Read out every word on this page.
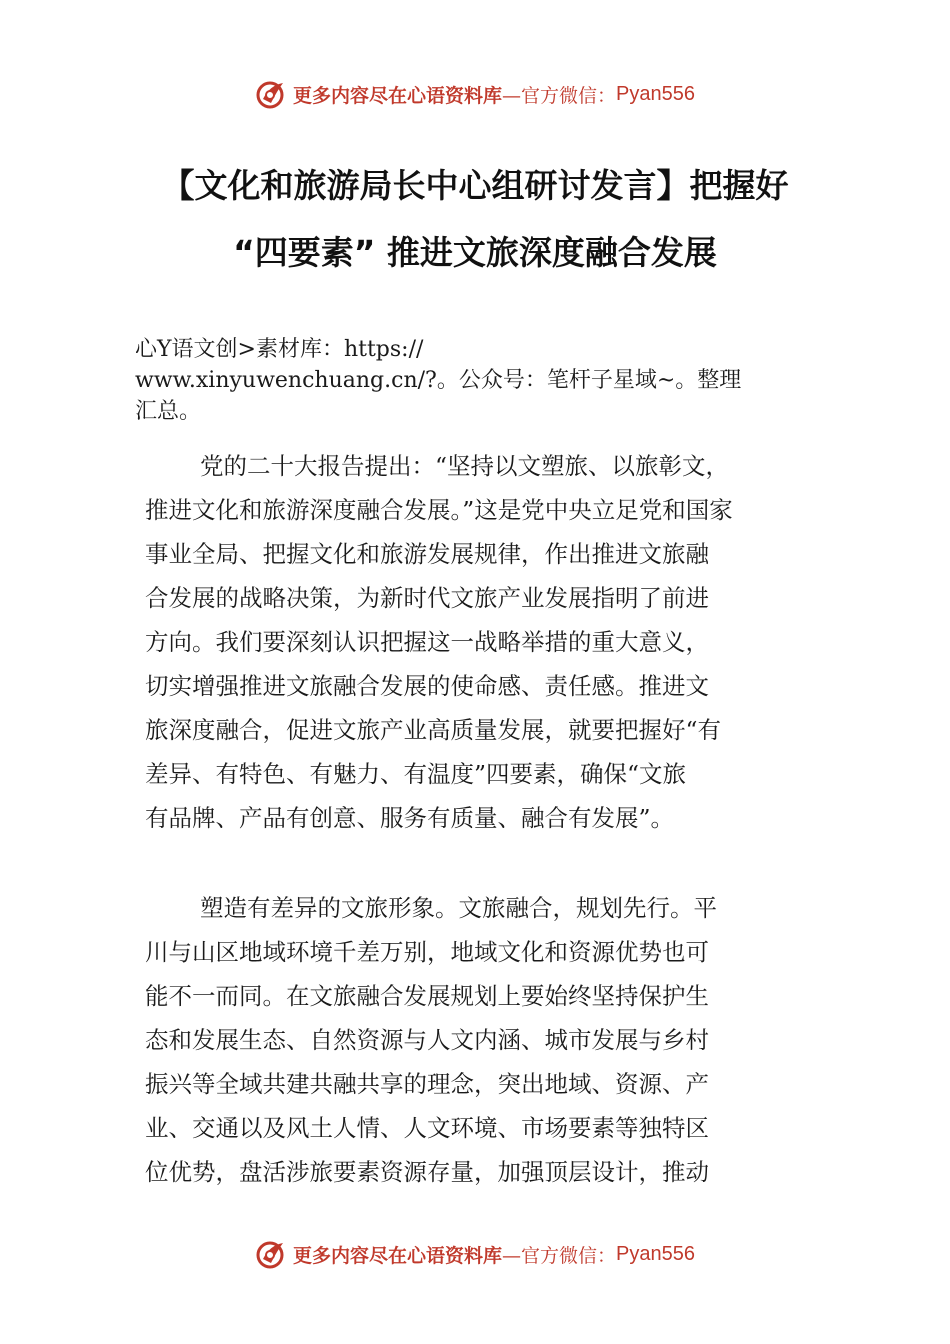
更多内容尽在心语资料库 —官方微信： Pyan556
【文化和旅游局长中心组研讨发言】把握好
“四要素” 推进文旅深度融合发展
心Y语文创>素材库：https://
www.xinyuwenchuang.cn/?。公众号：笔杆子星域~。整理
汇总。
党的二十大报告提出：“坚持以文塑旅、以旅彰文，
推进文化和旅游深度融合发展。”这是党中央立足党和国家
事业全局、把握文化和旅游发展规律，作出推进文旅融
合发展的战略决策，为新时代文旅产业发展指明了前进
方向。我们要深刻认识把握这一战略举措的重大意义，
切实增强推进文旅融合发展的使命感、责任感。推进文
旅深度融合，促进文旅产业高质量发展，就要把握好“有
差异、有特色、有魅力、有温度”四要素，确保“文旅
有品牌、产品有创意、服务有质量、融合有发展”。
塑造有差异的文旅形象。文旅融合，规划先行。平
川与山区地域环境千差万别，地域文化和资源优势也可
能不一而同。在文旅融合发展规划上要始终坚持保护生
态和发展生态、自然资源与人文内涵、城市发展与乡村
振兴等全域共建共融共享的理念，突出地域、资源、产
业、交通以及风土人情、人文环境、市场要素等独特区
位优势，盘活涉旅要素资源存量，加强顶层设计，推动
更多内容尽在心语资料库 —官方微信： Pyan556
